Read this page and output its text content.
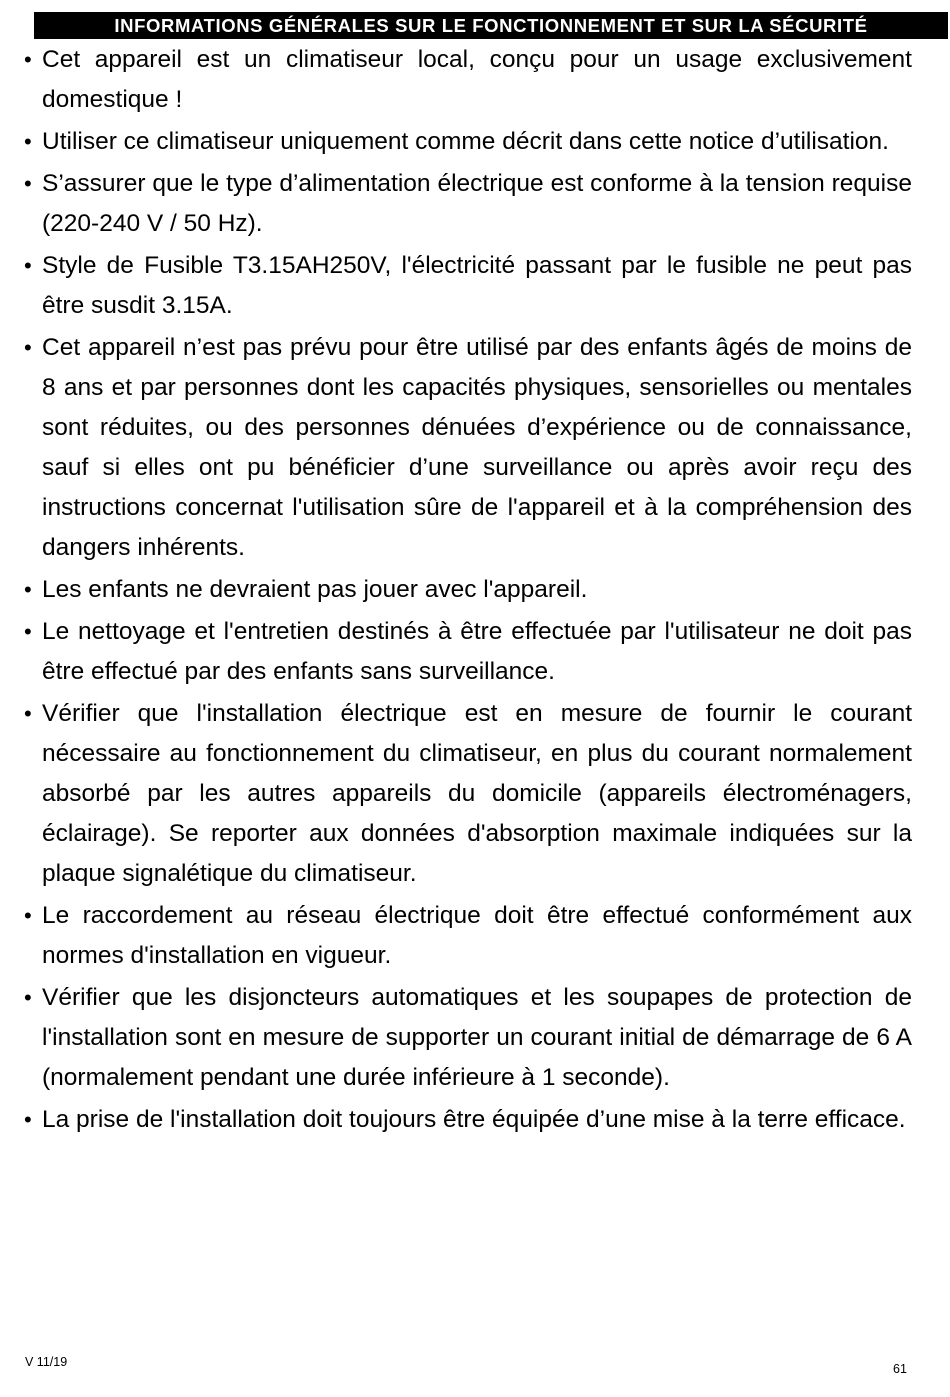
INFORMATIONS GÉNÉRALES SUR LE FONCTIONNEMENT ET SUR LA SÉCURITÉ
• Cet appareil est un climatiseur local, conçu pour un usage exclusivement domestique !
• Utiliser ce climatiseur uniquement comme décrit dans cette notice d’utilisation.
• S’assurer que le type d’alimentation électrique est conforme à la tension requise (220-240 V / 50 Hz).
• Style de Fusible T3.15AH250V, l'électricité passant par le fusible ne peut pas être susdit 3.15A.
• Cet appareil n’est pas prévu pour être utilisé par des enfants âgés de moins de 8 ans et par personnes dont les capacités physiques, sensorielles ou mentales sont réduites, ou des personnes dénuées d’expérience ou de connaissance, sauf si elles ont pu bénéficier d’une surveillance ou après avoir reçu des instructions concernat l'utilisation sûre de l'appareil et à la compréhension des dangers inhérents.
• Les enfants ne devraient pas jouer avec l'appareil.
• Le nettoyage et l'entretien destinés à être effectuée par l'utilisateur ne doit pas être effectué par des enfants sans surveillance.
• Vérifier que l'installation électrique est en mesure de fournir le courant nécessaire au fonctionnement du climatiseur, en plus du courant normalement absorbé par les autres appareils du domicile (appareils électroménagers, éclairage). Se reporter aux données d'absorption maximale indiquées sur la plaque signalétique du climatiseur.
• Le raccordement au réseau électrique doit être effectué conformément aux normes d'installation en vigueur.
• Vérifier que les disjoncteurs automatiques et les soupapes de protection de l'installation sont en mesure de supporter un courant initial de démarrage de 6 A (normalement pendant une durée inférieure à 1 seconde).
• La prise de l'installation doit toujours être équipée d’une mise à la terre efficace.
V 11/19	61
